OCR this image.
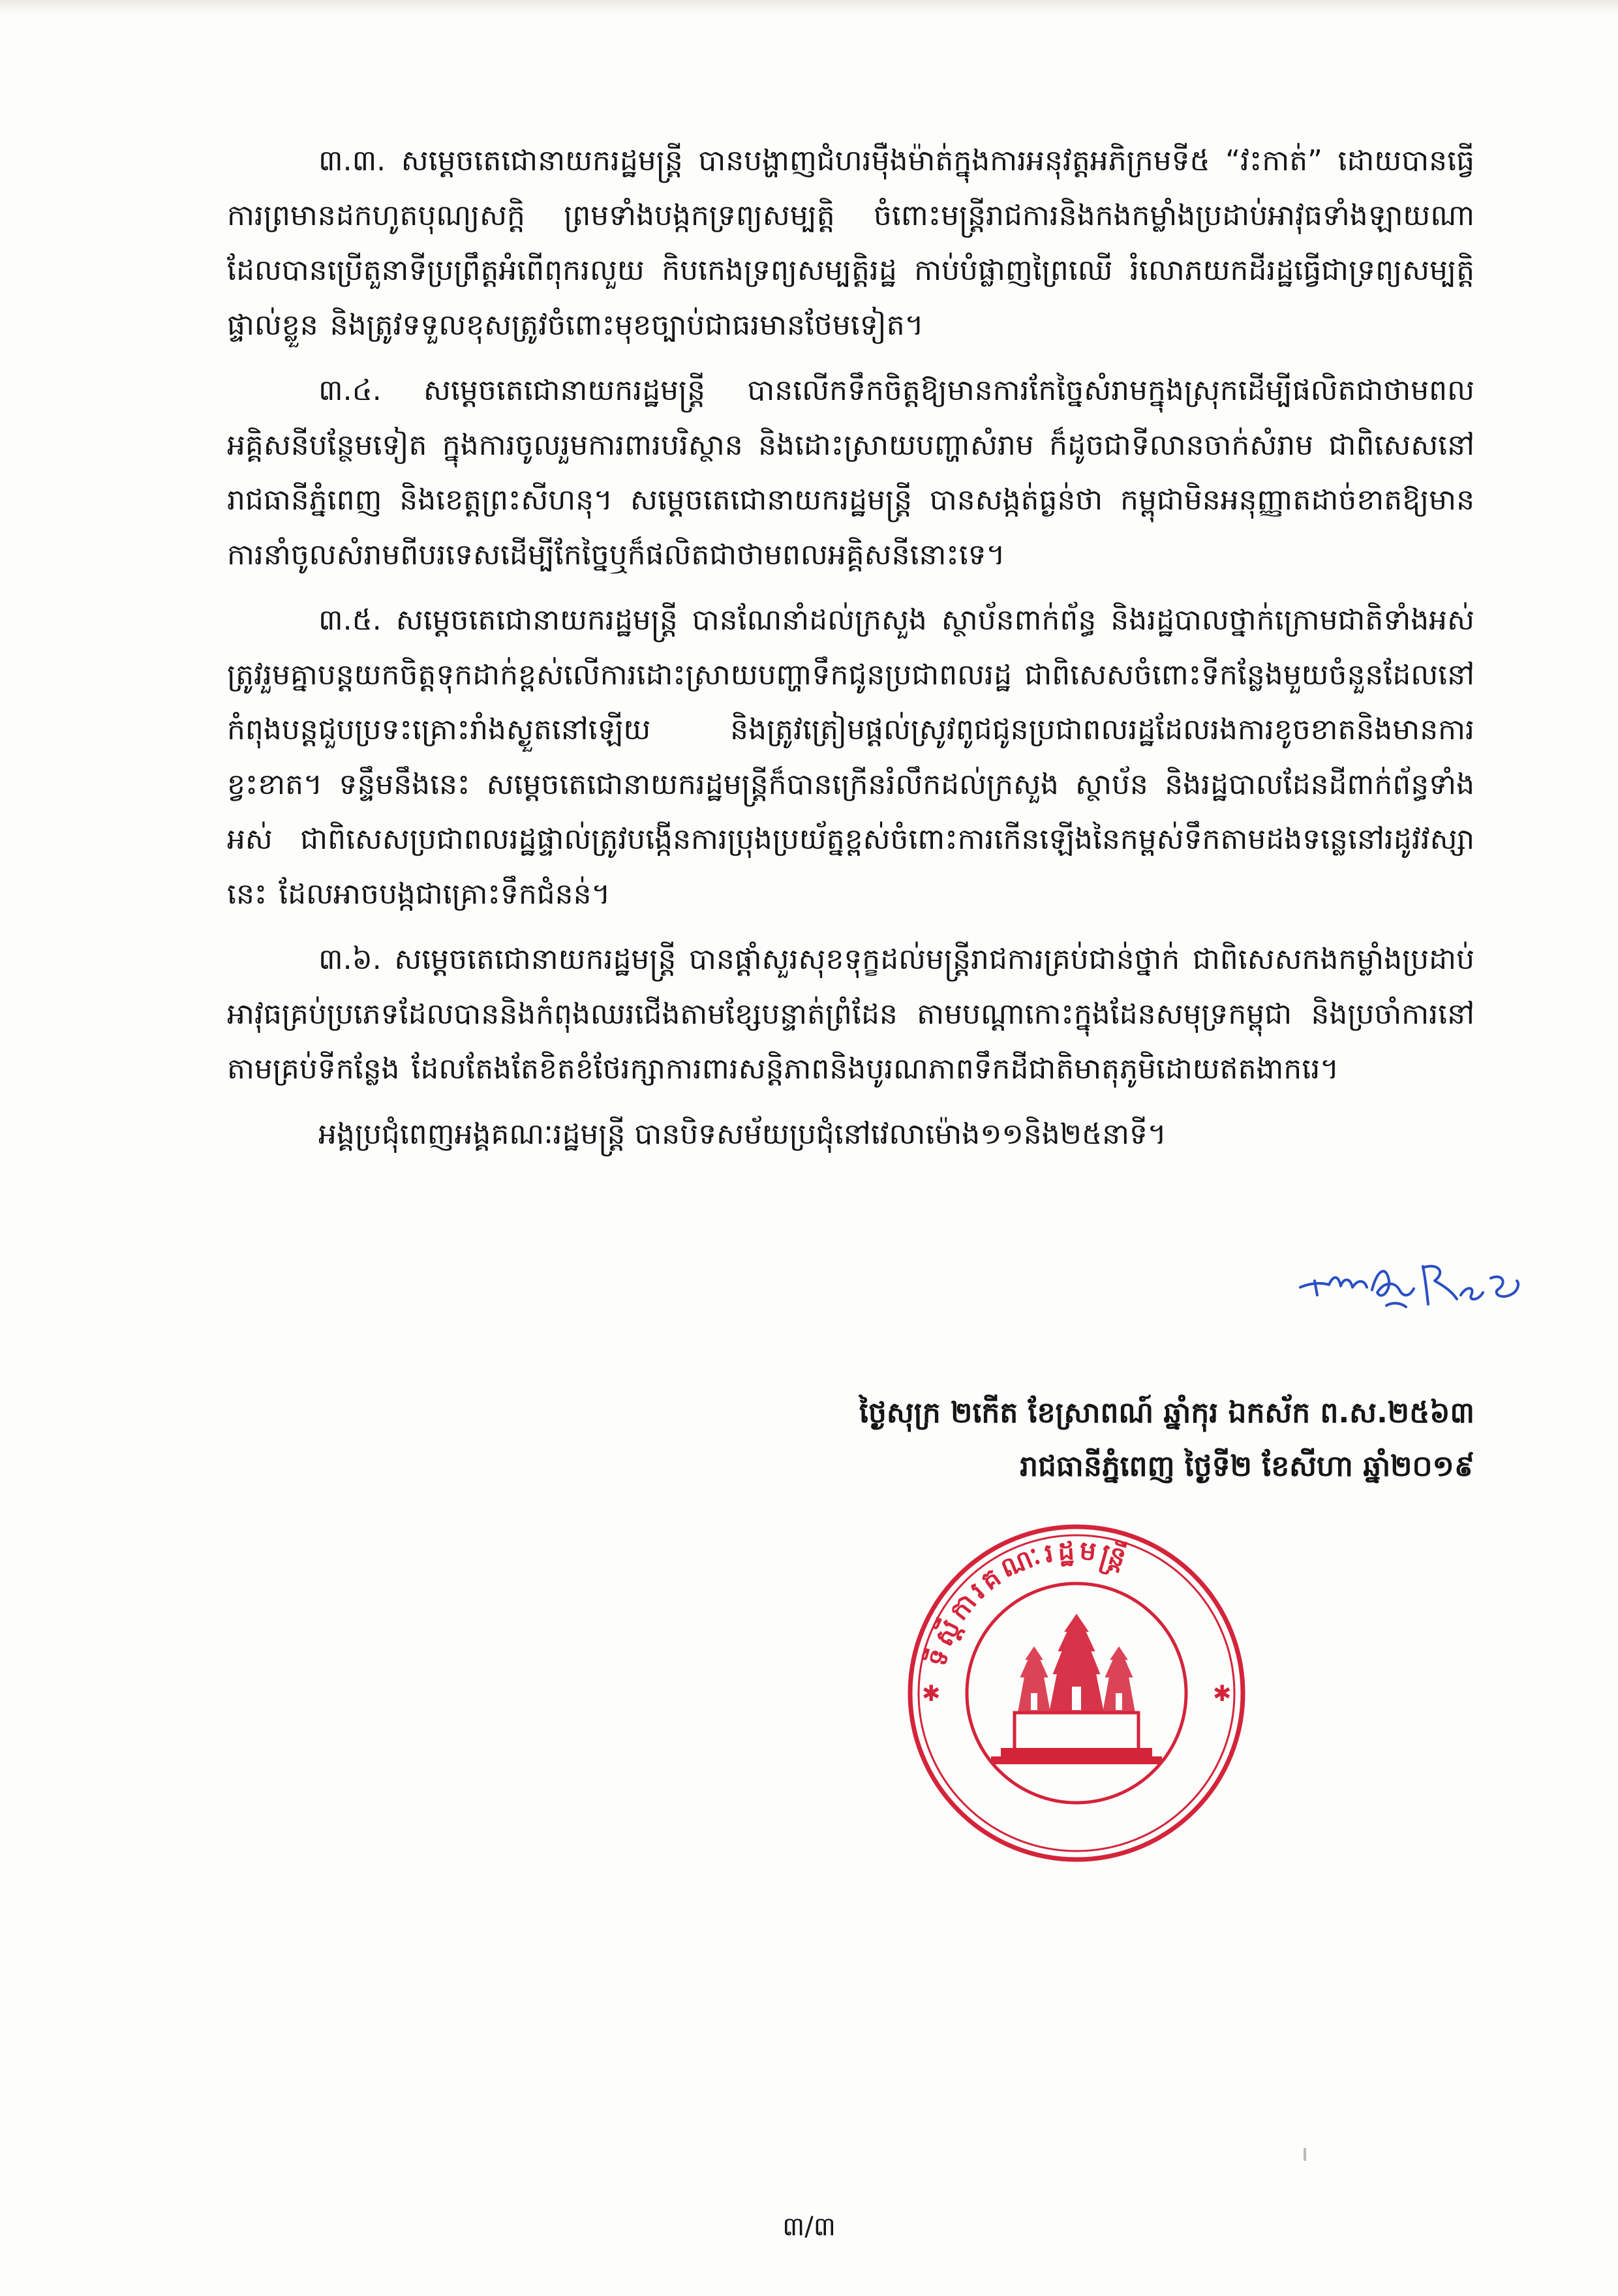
៣.៣. សម្ដេចតេជោនាយករដ្ឋមន្ត្រី បានបង្ហាញជំហរម៉ឺងម៉ាត់ក្នុងការអនុវត្តអភិក្រមទី៥ “វះកាត់” ដោយបានធ្វើការព្រមានដកហូតបុណ្យសក្តិ ព្រមទាំងបង្កកទ្រព្យសម្បត្តិ ចំពោះមន្ត្រីរាជការនិងកងកម្លាំងប្រដាប់អាវុធទាំងឡាយណាដែលបានប្រើតួនាទីប្រព្រឹត្តអំពើពុករលួយ កិបកេងទ្រព្យសម្បត្តិរដ្ឋ កាប់បំផ្លាញព្រៃឈើ រំលោភយកដីរដ្ឋធ្វើជាទ្រព្យសម្បត្តិផ្ទាល់ខ្លួន និងត្រូវទទួលខុសត្រូវចំពោះមុខច្បាប់ជាធរមានថែមទៀត។

៣.៤. សម្ដេចតេជោនាយករដ្ឋមន្ត្រី បានលើកទឹកចិត្តឱ្យមានការកែច្នៃសំរាមក្នុងស្រុកដើម្បីផលិតជាថាមពលអគ្គិសនីបន្ថែមទៀត ក្នុងការចូលរួមការពារបរិស្ថាន និងដោះស្រាយបញ្ហាសំរាម ក៏ដូចជាទីលានចាក់សំរាម ជាពិសេសនៅរាជធានីភ្នំពេញ និងខេត្តព្រះសីហនុ។ សម្ដេចតេជោនាយករដ្ឋមន្ត្រី បានសង្កត់ធ្ងន់ថា កម្ពុជាមិនអនុញ្ញាតដាច់ខាតឱ្យមានការនាំចូលសំរាមពីបរទេសដើម្បីកែច្នៃឬក៏ផលិតជាថាមពលអគ្គិសនីនោះទេ។

៣.៥. សម្ដេចតេជោនាយករដ្ឋមន្ត្រី បានណែនាំដល់ក្រសួង ស្ថាប័នពាក់ព័ន្ធ និងរដ្ឋបាលថ្នាក់ក្រោមជាតិទាំងអស់ ត្រូវរួមគ្នាបន្តយកចិត្តទុកដាក់ខ្ពស់លើការដោះស្រាយបញ្ហាទឹកជូនប្រជាពលរដ្ឋ ជាពិសេសចំពោះទីកន្លែងមួយចំនួនដែលនៅកំពុងបន្តជួបប្រទះគ្រោះរាំងស្ងួតនៅឡើយ និងត្រូវត្រៀមផ្តល់ស្រូវពូជជូនប្រជាពលរដ្ឋដែលរងការខូចខាតនិងមានការខ្វះខាត។ ទន្ទឹមនឹងនេះ សម្ដេចតេជោនាយករដ្ឋមន្ត្រីក៏បានក្រើនរំលឹកដល់ក្រសួង ស្ថាប័ន និងរដ្ឋបាលដែនដីពាក់ព័ន្ធទាំងអស់ ជាពិសេសប្រជាពលរដ្ឋផ្ទាល់ត្រូវបង្កើនការប្រុងប្រយ័ត្នខ្ពស់ចំពោះការកើនឡើងនៃកម្ពស់ទឹកតាមដងទន្លេនៅរដូវវស្សានេះ ដែលអាចបង្កជាគ្រោះទឹកជំនន់។

៣.៦. សម្ដេចតេជោនាយករដ្ឋមន្ត្រី បានផ្ដាំសួរសុខទុក្ខដល់មន្ត្រីរាជការគ្រប់ជាន់ថ្នាក់ ជាពិសេសកងកម្លាំងប្រដាប់អាវុធគ្រប់ប្រភេទដែលបាននិងកំពុងឈរជើងតាមខ្សែបន្ទាត់ព្រំដែន តាមបណ្ដាកោះក្នុងដែនសមុទ្រកម្ពុជា និងប្រចាំការនៅតាមគ្រប់ទីកន្លែង ដែលតែងតែខិតខំថែរក្សាការពារសន្តិភាពនិងបូរណភាពទឹកដីជាតិមាតុភូមិដោយឥតងាករេ។

អង្គប្រជុំពេញអង្គគណៈរដ្ឋមន្ត្រី បានបិទសម័យប្រជុំនៅវេលាម៉ោង១១និង២៥នាទី។

ថ្ងៃសុក្រ ២កើត ខែស្រាពណ៍ ឆ្នាំកុរ ឯកស័ក ព.ស.២៥៦៣
រាជធានីភ្នំពេញ ថ្ងៃទី២ ខែសីហា ឆ្នាំ២០១៩
ទីស្ដីការគណៈរដ្ឋមន្ត្រី
✱	✱
៣/៣
